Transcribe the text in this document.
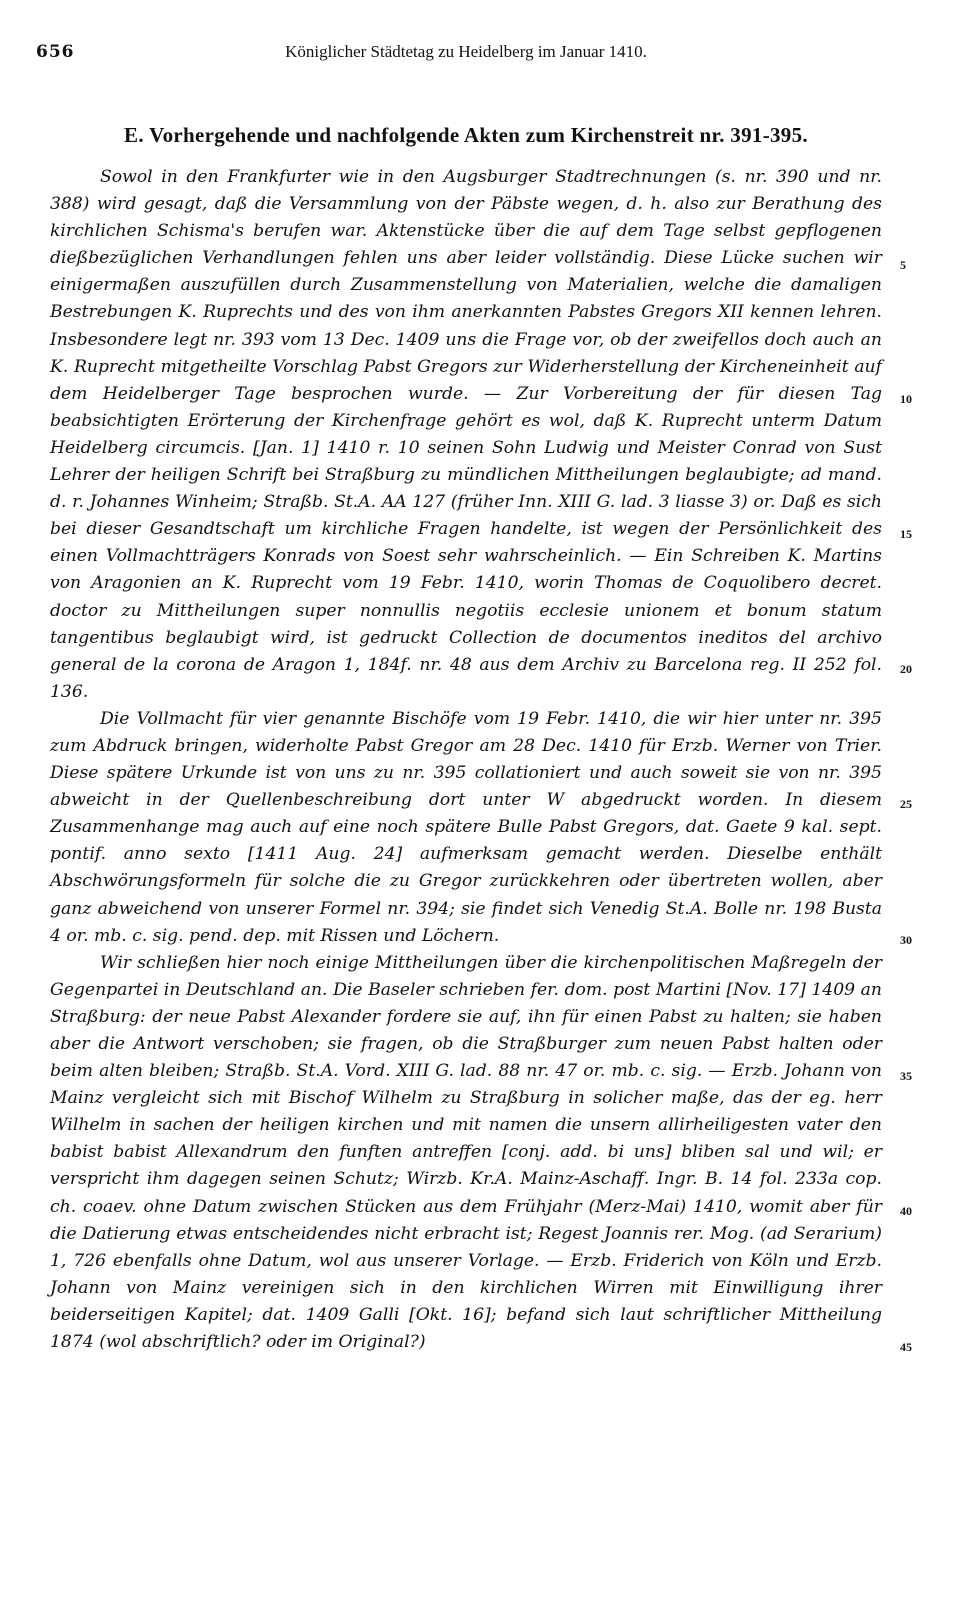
656	Königlicher Städtetag zu Heidelberg im Januar 1410.
E. Vorhergehende und nachfolgende Akten zum Kirchenstreit nr. 391-395.

Sowol in den Frankfurter wie in den Augsburger Stadtrechnungen (s. nr. 390 und nr. 388) wird gesagt, daß die Versammlung von der Päbste wegen, d. h. also zur Berathung des kirchlichen Schisma's berufen war. Aktenstücke über die auf dem Tage selbst gepflogenen dießbezüglichen Verhandlungen fehlen uns aber leider vollständig. Diese Lücke suchen wir einigermaßen auszufüllen durch Zusammenstellung von Materialien, welche die damaligen Bestrebungen K. Ruprechts und des von ihm anerkannten Pabstes Gregors XII kennen lehren. Insbesondere legt nr. 393 vom 13 Dec. 1409 uns die Frage vor, ob der zweifellos doch auch an K. Ruprecht mitgetheilte Vorschlag Pabst Gregors zur Widerherstellung der Kircheneinheit auf dem Heidelberger Tage besprochen wurde. — Zur Vorbereitung der für diesen Tag beabsichtigten Erörterung der Kirchenfrage gehört es wol, daß K. Ruprecht unterm Datum Heidelberg circumcis. [Jan. 1] 1410 r. 10 seinen Sohn Ludwig und Meister Conrad von Sust Lehrer der heiligen Schrift bei Straßburg zu mündlichen Mittheilungen beglaubigte; ad mand. d. r. Johannes Winheim; Straßb. St.A. AA 127 (früher Inn. XIII G. lad. 3 liasse 3) or. Daß es sich bei dieser Gesandtschaft um kirchliche Fragen handelte, ist wegen der Persönlichkeit des einen Vollmachtträgers Konrads von Soest sehr wahrscheinlich. — Ein Schreiben K. Martins von Aragonien an K. Ruprecht vom 19 Febr. 1410, worin Thomas de Coquolibero decret. doctor zu Mittheilungen super nonnullis negotiis ecclesie unionem et bonum statum tangentibus beglaubigt wird, ist gedruckt Collection de documentos ineditos del archivo general de la corona de Aragon 1, 184f. nr. 48 aus dem Archiv zu Barcelona reg. II 252 fol. 136.

Die Vollmacht für vier genannte Bischöfe vom 19 Febr. 1410, die wir hier unter nr. 395 zum Abdruck bringen, widerholte Pabst Gregor am 28 Dec. 1410 für Erzb. Werner von Trier. Diese spätere Urkunde ist von uns zu nr. 395 collationiert und auch soweit sie von nr. 395 abweicht in der Quellenbeschreibung dort unter W abgedruckt worden. In diesem Zusammenhange mag auch auf eine noch spätere Bulle Pabst Gregors, dat. Gaete 9 kal. sept. pontif. anno sexto [1411 Aug. 24] aufmerksam gemacht werden. Dieselbe enthält Abschwörungsformeln für solche die zu Gregor zurückkehren oder übertreten wollen, aber ganz abweichend von unserer Formel nr. 394; sie findet sich Venedig St.A. Bolle nr. 198 Busta 4 or. mb. c. sig. pend. dep. mit Rissen und Löchern.

Wir schließen hier noch einige Mittheilungen über die kirchenpolitischen Maßregeln der Gegenpartei in Deutschland an. Die Baseler schrieben fer. dom. post Martini [Nov. 17] 1409 an Straßburg: der neue Pabst Alexander fordere sie auf, ihn für einen Pabst zu halten; sie haben aber die Antwort verschoben; sie fragen, ob die Straßburger zum neuen Pabst halten oder beim alten bleiben; Straßb. St.A. Vord. XIII G. lad. 88 nr. 47 or. mb. c. sig. — Erzb. Johann von Mainz vergleicht sich mit Bischof Wilhelm zu Straßburg in solicher maße, das der eg. herr Wilhelm in sachen der heiligen kirchen und mit namen die unsern allirheiligesten vater den babist babist Allexandrum den funften antreffen [conj. add. bi uns] bliben sal und wil; er verspricht ihm dagegen seinen Schutz; Wirzb. Kr.A. Mainz-Aschaff. Ingr. B. 14 fol. 233a cop. ch. coaev. ohne Datum zwischen Stücken aus dem Frühjahr (Merz-Mai) 1410, womit aber für die Datierung etwas entscheidendes nicht erbracht ist; Regest Joannis rer. Mog. (ad Serarium) 1, 726 ebenfalls ohne Datum, wol aus unserer Vorlage. — Erzb. Friderich von Köln und Erzb. Johann von Mainz vereinigen sich in den kirchlichen Wirren mit Einwilligung ihrer beiderseitigen Kapitel; dat. 1409 Galli [Okt. 16]; befand sich laut schriftlicher Mittheilung 1874 (wol abschriftlich? oder im Original?)

5
10
15
20
25
30
35
40
45
